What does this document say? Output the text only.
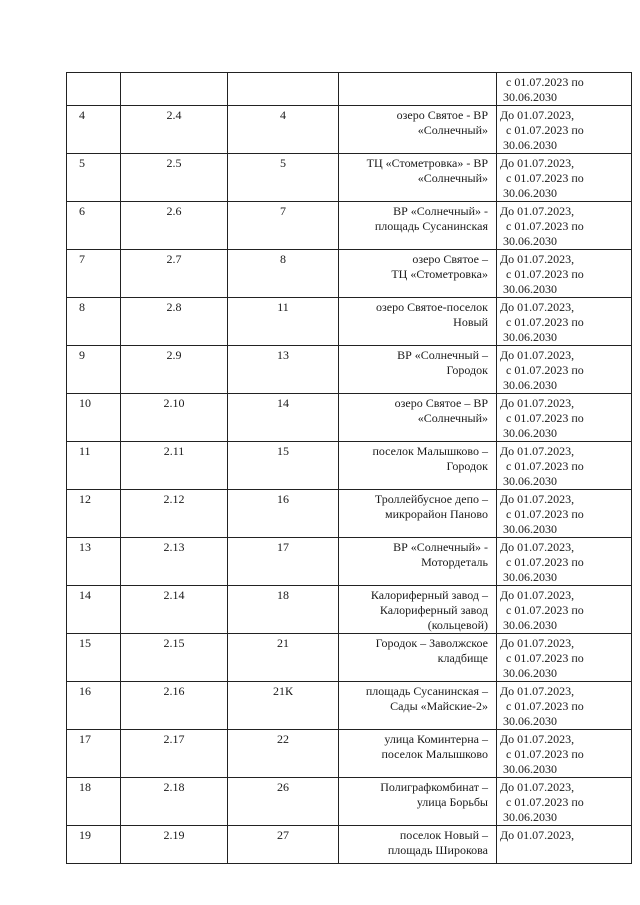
				с 01.07.2023 по
30.06.2030

4	2.4	4	озеро Святое - ВР
«Солнечный»	До 01.07.2023,
с 01.07.2023 по
30.06.2030

5	2.5	5	ТЦ «Стометровка» - ВР
«Солнечный»	До 01.07.2023,
с 01.07.2023 по
30.06.2030

6	2.6	7	ВР «Солнечный» -
площадь Сусанинская	До 01.07.2023,
с 01.07.2023 по
30.06.2030

7	2.7	8	озеро Святое –
ТЦ «Стометровка»	До 01.07.2023,
с 01.07.2023 по
30.06.2030

8	2.8	11	озеро Святое-поселок
Новый	До 01.07.2023,
с 01.07.2023 по
30.06.2030

9	2.9	13	ВР «Солнечный –
Городок	До 01.07.2023,
с 01.07.2023 по
30.06.2030

10	2.10	14	озеро Святое – ВР
«Солнечный»	До 01.07.2023,
с 01.07.2023 по
30.06.2030

11	2.11	15	поселок Малышково –
Городок	До 01.07.2023,
с 01.07.2023 по
30.06.2030

12	2.12	16	Троллейбусное депо –
микрорайон Паново	До 01.07.2023,
с 01.07.2023 по
30.06.2030

13	2.13	17	ВР «Солнечный» -
Мотордеталь	До 01.07.2023,
с 01.07.2023 по
30.06.2030

14	2.14	18	Калориферный завод –
Калориферный завод
(кольцевой)	До 01.07.2023,
с 01.07.2023 по
30.06.2030

15	2.15	21	Городок – Заволжское
кладбище	До 01.07.2023,
с 01.07.2023 по
30.06.2030

16	2.16	21К	площадь Сусанинская –
Сады «Майские-2»	До 01.07.2023,
с 01.07.2023 по
30.06.2030

17	2.17	22	улица Коминтерна –
поселок Малышково	До 01.07.2023,
с 01.07.2023 по
30.06.2030

18	2.18	26	Полиграфкомбинат –
улица Борьбы	До 01.07.2023,
с 01.07.2023 по
30.06.2030

19	2.19	27	поселок Новый –
площадь Широкова	До 01.07.2023,
